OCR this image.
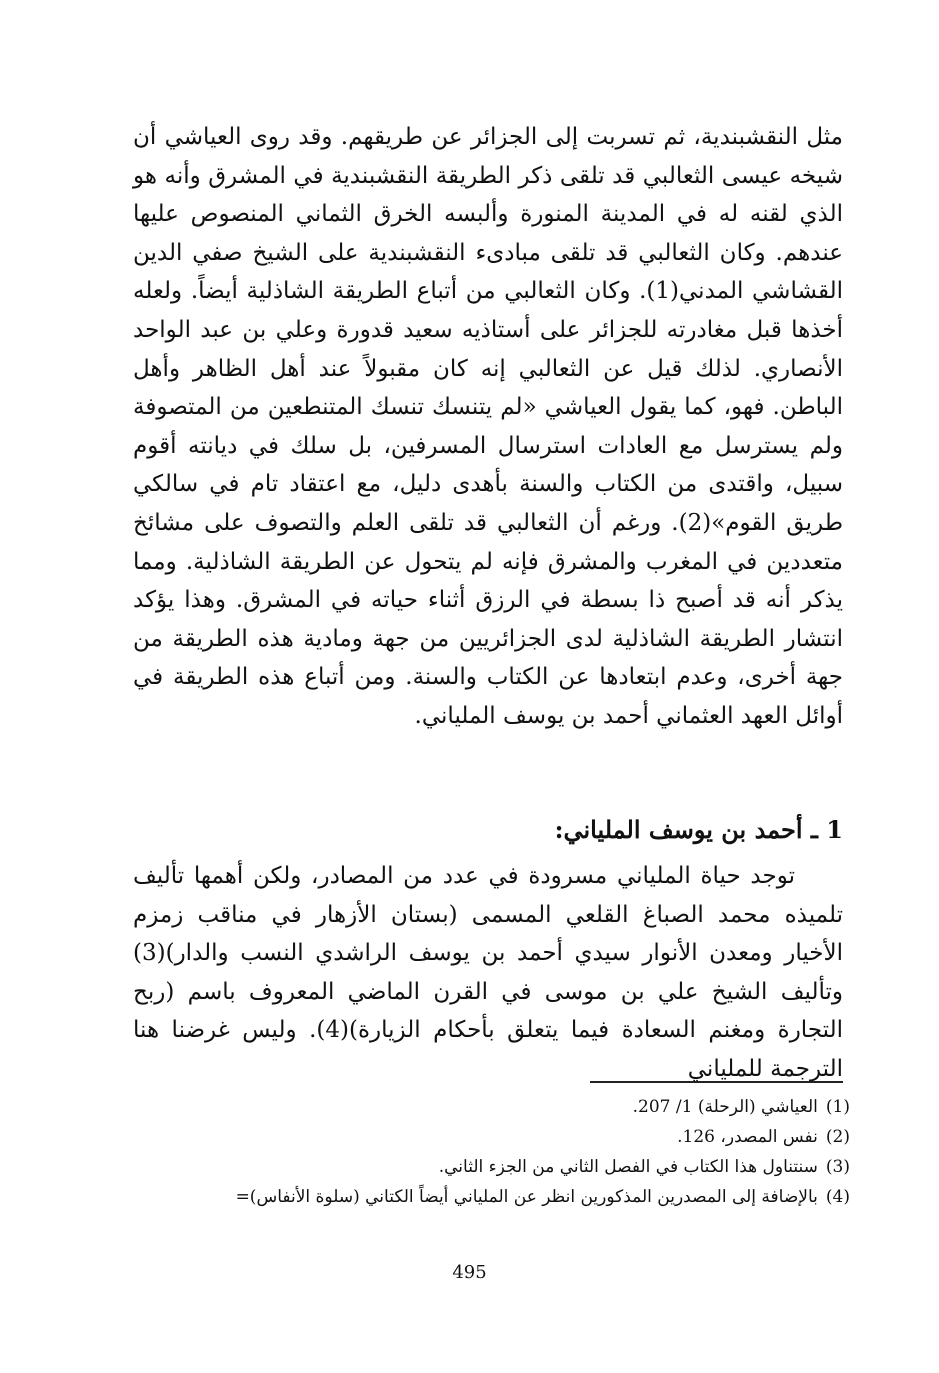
مثل النقشبندية، ثم تسربت إلى الجزائر عن طريقهم. وقد روى العياشي أن شيخه عيسى الثعالبي قد تلقى ذكر الطريقة النقشبندية في المشرق وأنه هو الذي لقنه له في المدينة المنورة وألبسه الخرق الثماني المنصوص عليها عندهم. وكان الثعالبي قد تلقى مبادىء النقشبندية على الشيخ صفي الدين القشاشي المدني(1). وكان الثعالبي من أتباع الطريقة الشاذلية أيضاً. ولعله أخذها قبل مغادرته للجزائر على أستاذيه سعيد قدورة وعلي بن عبد الواحد الأنصاري. لذلك قيل عن الثعالبي إنه كان مقبولاً عند أهل الظاهر وأهل الباطن. فهو، كما يقول العياشي «لم يتنسك تنسك المتنطعين من المتصوفة ولم يسترسل مع العادات استرسال المسرفين، بل سلك في ديانته أقوم سبيل، واقتدى من الكتاب والسنة بأهدى دليل، مع اعتقاد تام في سالكي طريق القوم»(2). ورغم أن الثعالبي قد تلقى العلم والتصوف على مشائخ متعددين في المغرب والمشرق فإنه لم يتحول عن الطريقة الشاذلية. ومما يذكر أنه قد أصبح ذا بسطة في الرزق أثناء حياته في المشرق. وهذا يؤكد انتشار الطريقة الشاذلية لدى الجزائريين من جهة ومادية هذه الطريقة من جهة أخرى، وعدم ابتعادها عن الكتاب والسنة. ومن أتباع هذه الطريقة في أوائل العهد العثماني أحمد بن يوسف الملياني.

1 ـ أحمد بن يوسف الملياني:

توجد حياة الملياني مسرودة في عدد من المصادر، ولكن أهمها تأليف تلميذه محمد الصباغ القلعي المسمى (بستان الأزهار في مناقب زمزم الأخيار ومعدن الأنوار سيدي أحمد بن يوسف الراشدي النسب والدار)(3) وتأليف الشيخ علي بن موسى في القرن الماضي المعروف باسم (ربح التجارة ومغنم السعادة فيما يتعلق بأحكام الزيارة)(4). وليس غرضنا هنا الترجمة للملياني

(1)العياشي (الرحلة) 1/ 207.
(2)نفس المصدر، 126.
(3)سنتناول هذا الكتاب في الفصل الثاني من الجزء الثاني.
(4)بالإضافة إلى المصدرين المذكورين انظر عن الملياني أيضاً الكتاني (سلوة الأنفاس)=
495
